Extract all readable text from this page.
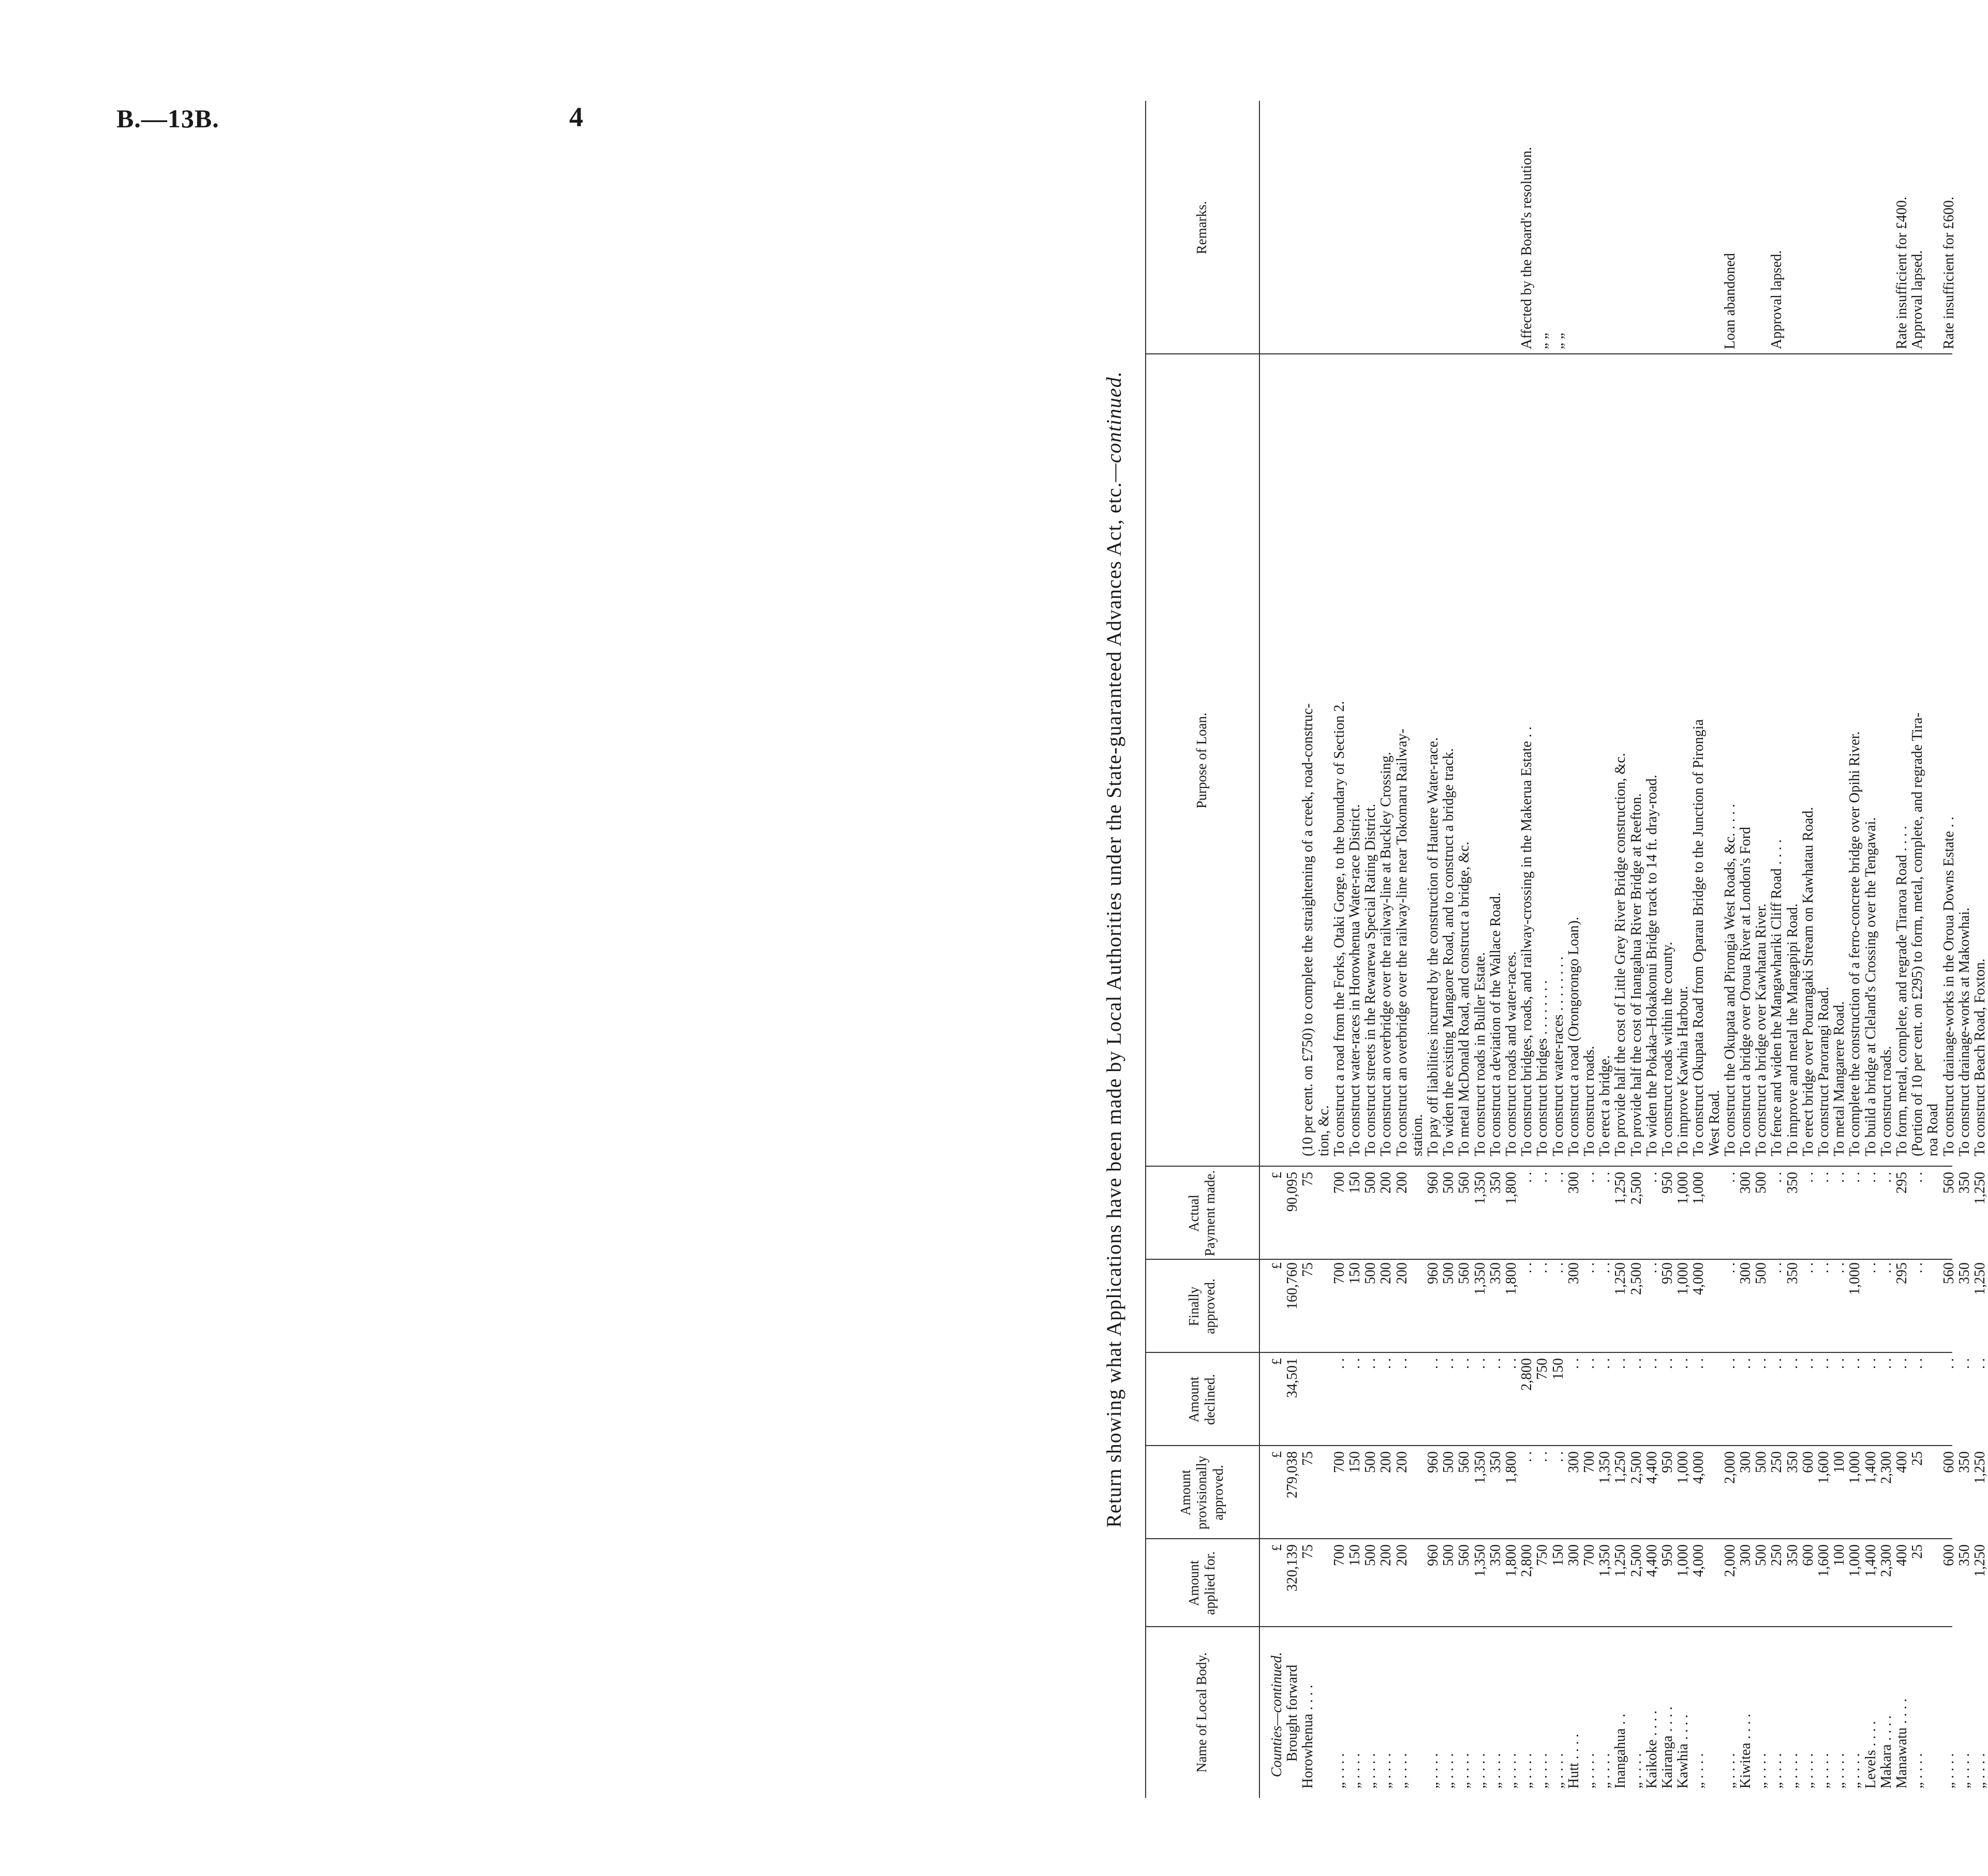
B.—13B.	4
Return showing what Applications have been made by Local Authorities under the State-guaranteed Advances Act, etc.—continued.
Name of Local Body.
Amount applied for.
Amount provisionally approved.
Amount declined.
Finally approved.
Actual Payment made.
Purpose of Loan.
Remarks.
Counties—continued.
£
£
£
£
£
Brought forward
320,139
279,038
34,501
160,760
90,095
Horowhenua . . . .
75
75
75
75
(10 per cent. on £750) to complete the straightening of a creek, road-construc- tion, &c.
„ . . . .
700
700
. .
700
700
To construct a road from the Forks, Otaki Gorge, to the boundary of Section 2.
„ . . . .
150
150
. .
150
150
To construct water-races in Horowhenua Water-race District.
„ . . . .
500
500
. .
500
500
To construct streets in the Rewarewa Special Rating District.
„ . . . .
200
200
. .
200
200
To construct an overbridge over the railway-line at Buckley Crossing.
„ . . . .
200
200
. .
200
200
To construct an overbridge over the railway-line near Tokomaru Railway- station.
„ . . . .
960
960
. .
960
960
To pay off liabilities incurred by the construction of Hautere Water-race.
„ . . . .
500
500
. .
500
500
To widen the existing Mangaore Road, and to construct a bridge track.
„ . . . .
560
560
. .
560
560
To metal McDonald Road, and construct a bridge, &c.
„ . . . .
1,350
1,350
. .
1,350
1,350
To construct roads in Buller Estate.
„ . . . .
350
350
. .
350
350
To construct a deviation of the Wallace Road.
„ . . . .
1,800
1,800
. .
1,800
1,800
To construct roads and water-races.
„ . . . .
2,800
. .
2,800
. .
. .
To construct bridges, roads, and railway-crossing in the Makerua Estate . .
Affected by the Board's resolution.
„ . . . .
750
. .
750
. .
. .
To construct bridges . . . . . . . .
„ „
„ . . . .
150
. .
150
. .
. .
To construct water-races . . . . . . . .
„ „
Hutt . . . .
300
300
. .
300
300
To construct a road (Orongorongo Loan).
„ . . . .
700
700
. .
. .
. .
To construct roads.
„ . . . .
1,350
1,350
. .
. .
. .
To erect a bridge.
Inangahua . .
1,250
1,250
. .
1,250
1,250
To provide half the cost of Little Grey River Bridge construction, &c.
„ . . . .
2,500
2,500
. .
2,500
2,500
To provide half the cost of Inangahua River Bridge at Reefton.
Kaikoke . . . .
4,400
4,400
. .
. .
. .
To widen the Pokaka–Hokakonui Bridge track to 14 ft. dray-road.
Kairanga . . . .
950
950
. .
950
950
To construct roads within the county.
Kawhia . . . .
1,000
1,000
. .
1,000
1,000
To improve Kawhia Harbour.
„ . . . .
4,000
4,000
. .
4,000
1,000
To construct Okupata Road from Oparau Bridge to the Junction of Pirongia West Road.
„ . . . .
2,000
2,000
. .
. .
. .
To construct the Okupata and Pirongia West Roads, &c. . . . .
Loan abandoned
Kiwitea . . . .
300
300
. .
300
300
To construct a bridge over Oroua River at London's Ford
„ . . . .
500
500
. .
500
500
To construct a bridge over Kawhatau River.
„ . . . .
250
250
. .
. .
. .
To fence and widen the Mangawhariki Cliff Road . . . .
Approval lapsed.
„ . . . .
350
350
. .
350
350
To improve and metal the Mangapipi Road.
„ . . . .
600
600
. .
. .
. .
To erect bridge over Pourangaki Stream on Kawhatau Road.
„ . . . .
1,600
1,600
. .
. .
. .
To construct Parorangi Road.
„ . . . .
100
100
. .
. .
. .
To metal Mangarere Road.
„ . . . .
1,000
1,000
. .
1,000
. .
To complete the construction of a ferro-concrete bridge over Opihi River.
Levels . . . .
1,400
1,400
. .
. .
. .
To build a bridge at Cleland's Crossing over the Tengawai.
Makara . . . .
2,300
2,300
. .
. .
. .
To construct roads.
Manawatu . . . .
400
400
. .
295
295
To form, metal, complete, and regrade Tiraroa Road . . . .
Rate insufficient for £400.
„ . . . .
25
25
. .
. .
. .
(Portion of 10 per cent. on £295) to form, metal, complete, and regrade Tira-
Approval lapsed.
roa Road
„ . . . .
600
600
. .
560
560
To construct drainage-works in the Oroua Downs Estate . .
Rate insufficient for £600.
„ . . . .
350
350
. .
350
350
To construct drainage-works at Makowhai.
„ . . . .
1,250
1,250
. .
1,250
1,250
To construct Beach Road, Foxton.
